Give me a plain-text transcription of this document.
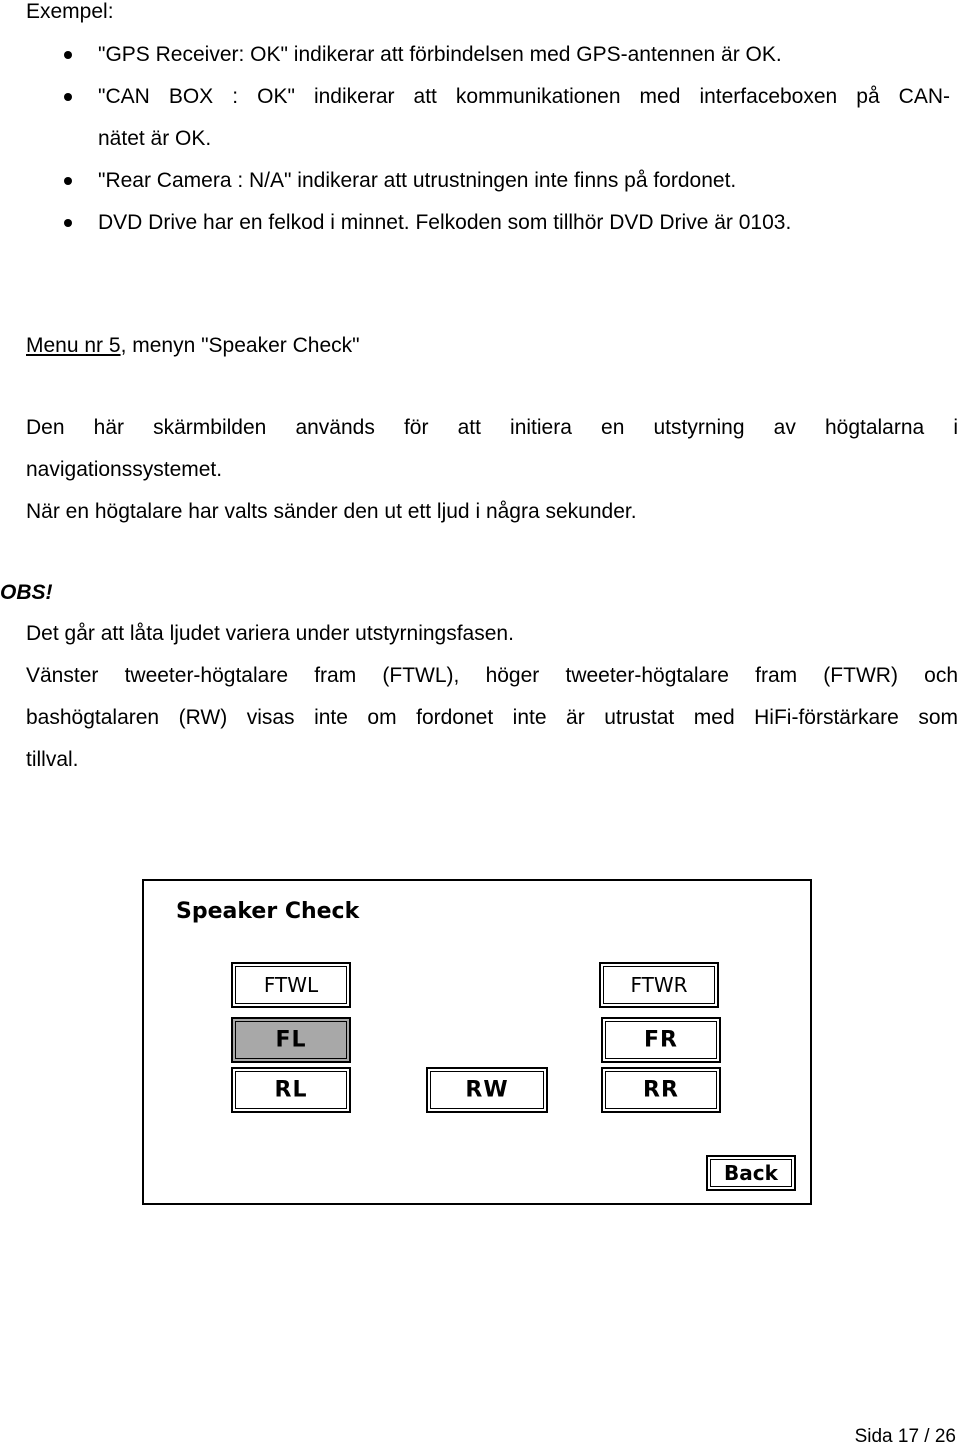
Exempel:
"GPS Receiver: OK" indikerar att förbindelsen med GPS-antennen är OK.
"CAN BOX : OK" indikerar att kommunikationen med interfaceboxen på CAN-
nätet är OK.
"Rear Camera : N/A" indikerar att utrustningen inte finns på fordonet.
DVD Drive har en felkod i minnet. Felkoden som tillhör DVD Drive är 0103.
Menu nr 5, menyn "Speaker Check"
Den här skärmbilden används för att initiera en utstyrning av högtalarna i
navigationssystemet.
När en högtalare har valts sänder den ut ett ljud i några sekunder.
OBS!
Det går att låta ljudet variera under utstyrningsfasen.
Vänster tweeter-högtalare fram (FTWL), höger tweeter-högtalare fram (FTWR) och
bashögtalaren (RW) visas inte om fordonet inte är utrustat med HiFi-förstärkare som
tillval.
Speaker Check
FTWL	FTWR
FL	FR
RL	RW	RR
Back
Sida 17 / 26
